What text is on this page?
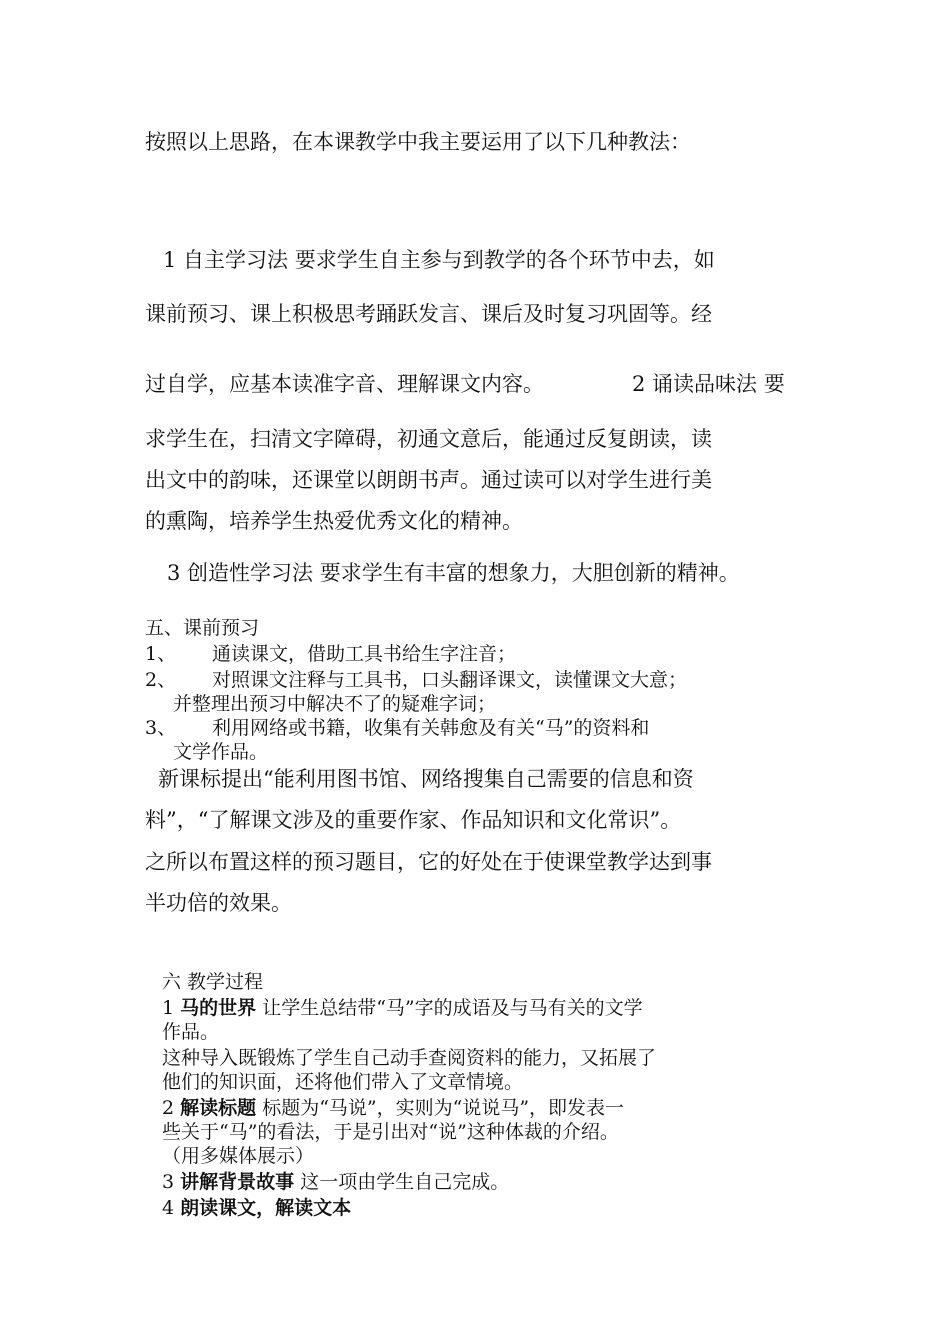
按照以上思路，在本课教学中我主要运用了以下几种教法：

1 自主学习法 要求学生自主参与到教学的各个环节中去，如

课前预习、课上积极思考踊跃发言、课后及时复习巩固等。经

过自学，应基本读准字音、理解课文内容。	2 诵读品味法 要

求学生在，扫清文字障碍，初通文意后，能通过反复朗读，读

出文中的韵味，还课堂以朗朗书声。通过读可以对学生进行美

的熏陶，培养学生热爱优秀文化的精神。

3 创造性学习法 要求学生有丰富的想象力，大胆创新的精神。

五、课前预习

1、 通读课文，借助工具书给生字注音；

2、 对照课文注释与工具书，口头翻译课文，读懂课文大意；

并整理出预习中解决不了的疑难字词；

3、 利用网络或书籍，收集有关韩愈及有关“马”的资料和

文学作品。

新课标提出“能利用图书馆、网络搜集自己需要的信息和资

料”，“了解课文涉及的重要作家、作品知识和文化常识”。

之所以布置这样的预习题目，它的好处在于使课堂教学达到事

半功倍的效果。

六 教学过程

1 马的世界 让学生总结带“马”字的成语及与马有关的文学

作品。

这种导入既锻炼了学生自己动手查阅资料的能力，又拓展了

他们的知识面，还将他们带入了文章情境。

2 解读标题 标题为“马说”，实则为“说说马”，即发表一

些关于“马”的看法，于是引出对“说”这种体裁的介绍。

（用多媒体展示）

3 讲解背景故事 这一项由学生自己完成。

4 朗读课文，解读文本
